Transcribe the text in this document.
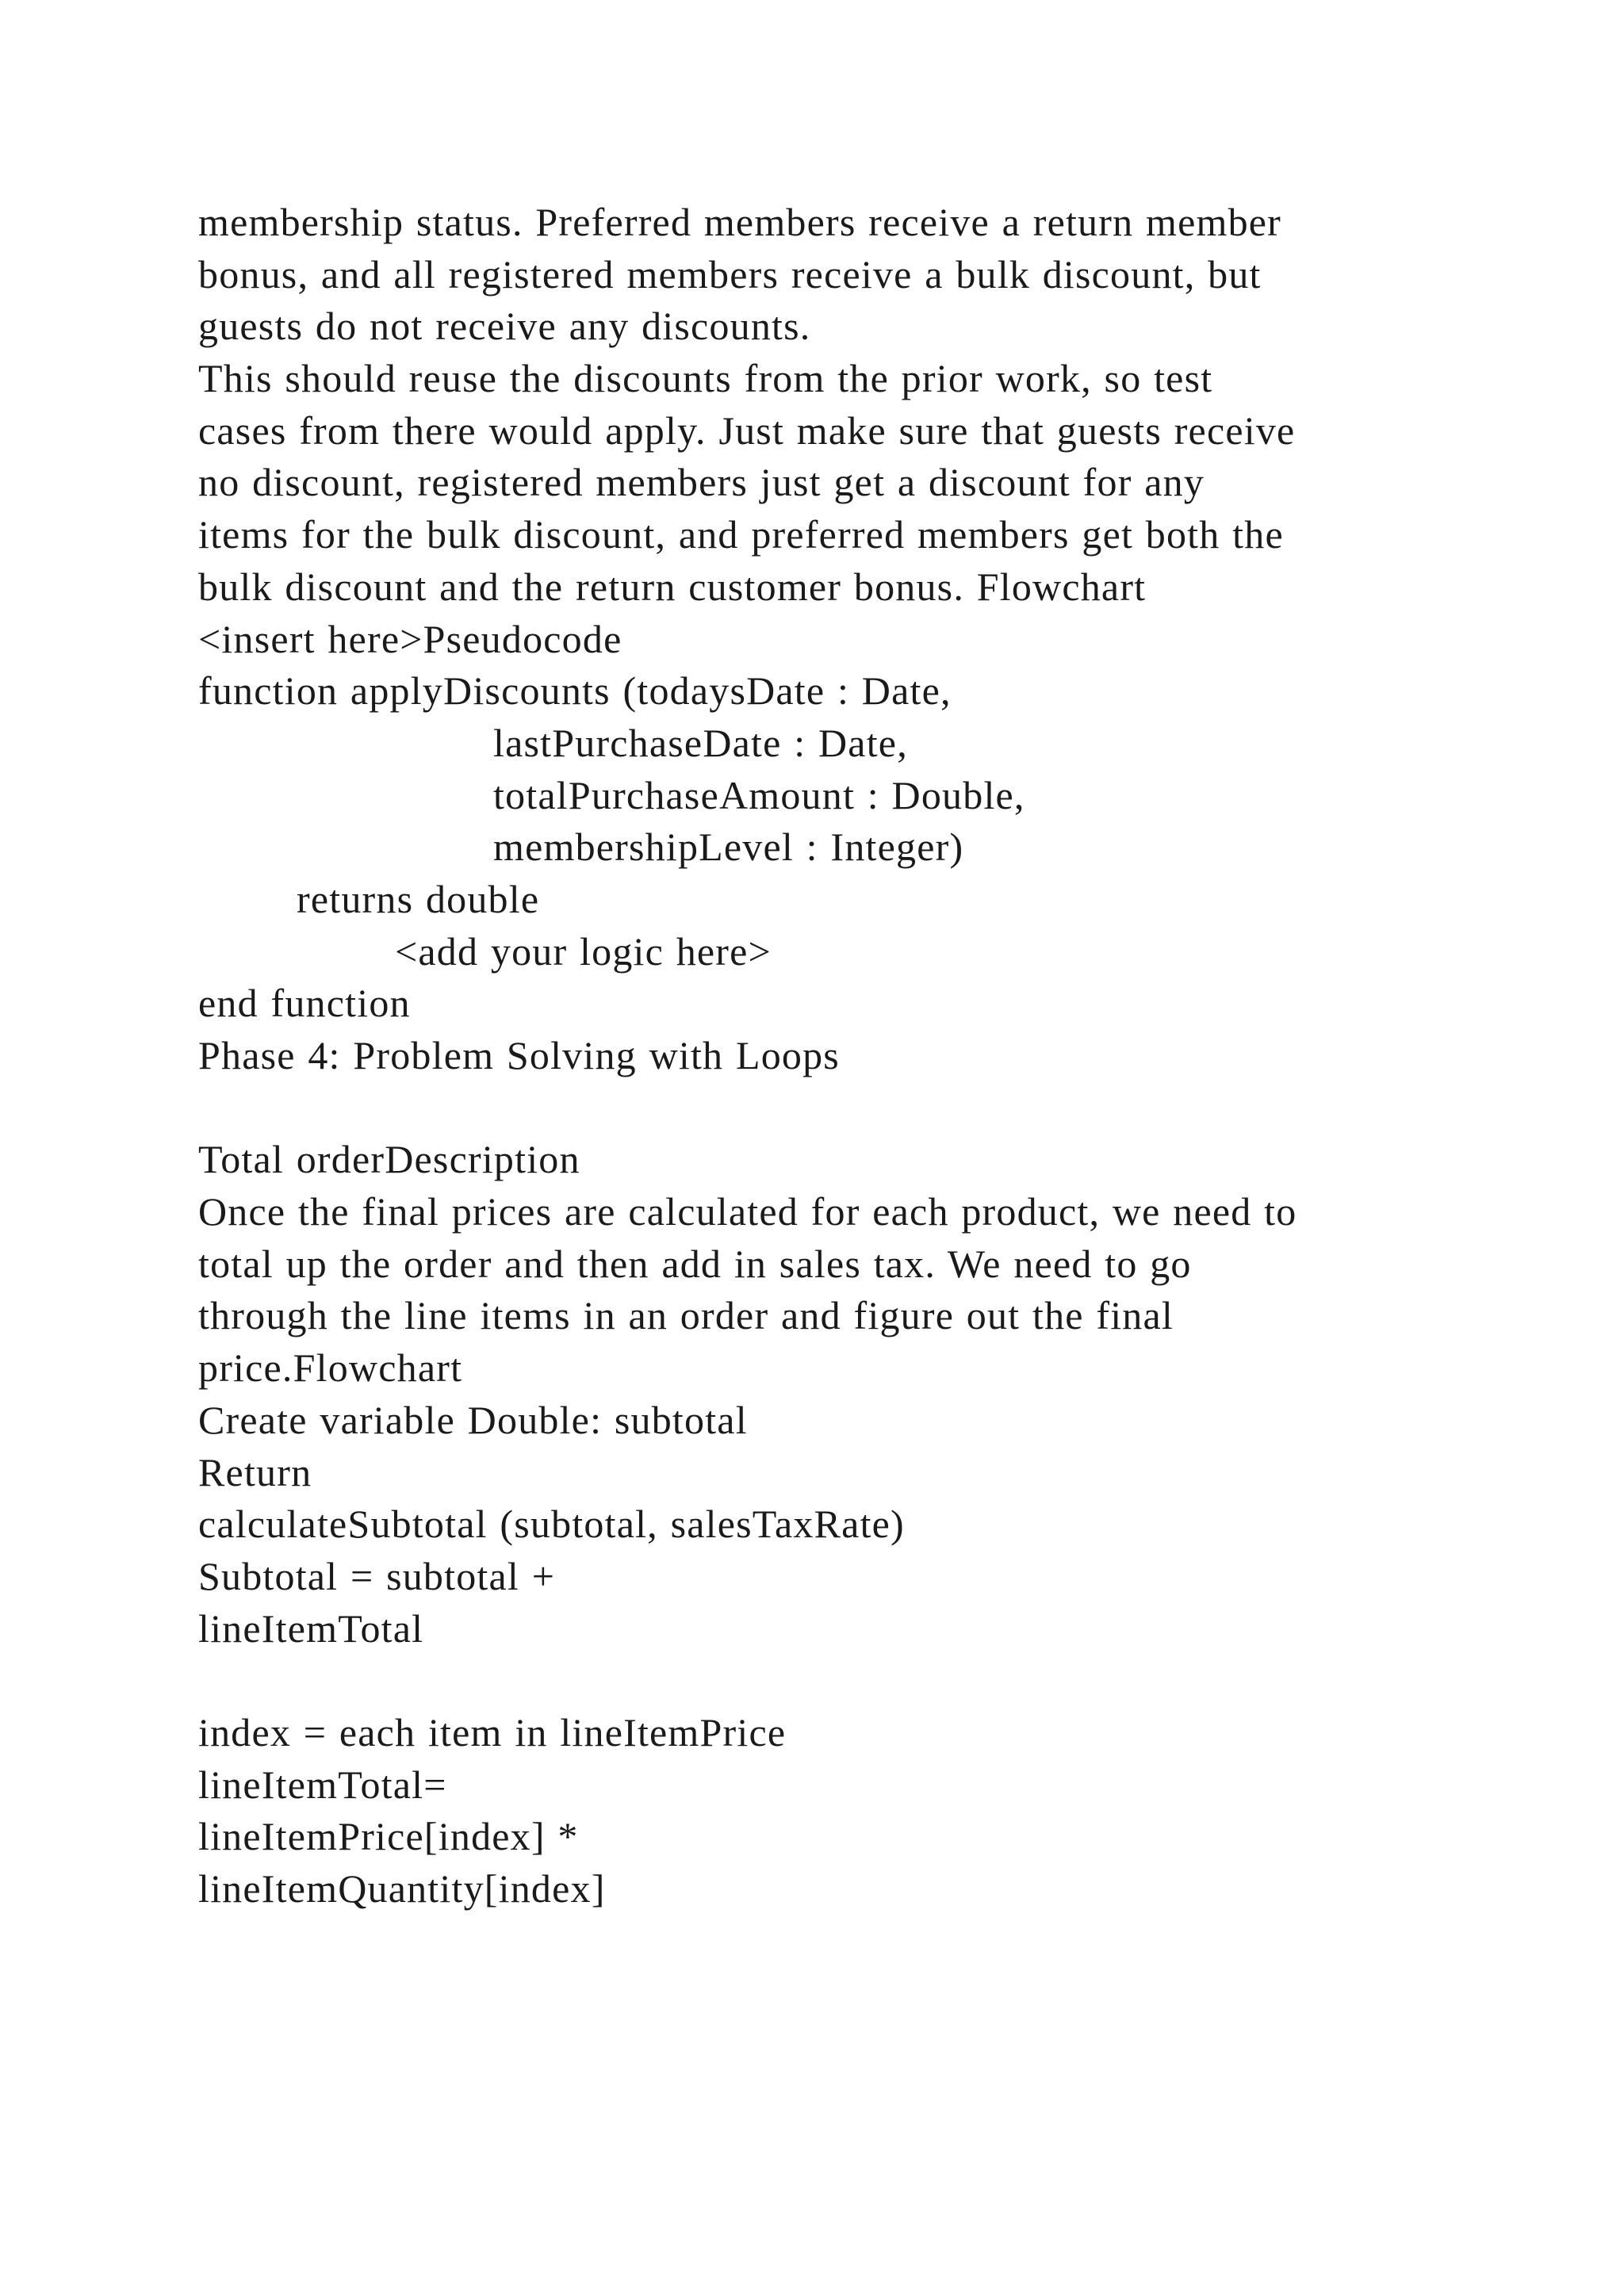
membership status. Preferred members receive a return member
bonus, and all registered members receive a bulk discount, but
guests do not receive any discounts.
This should reuse the discounts from the prior work, so test
cases from there would apply. Just make sure that guests receive
no discount, registered members just get a discount for any
items for the bulk discount, and preferred members get both the
bulk discount and the return customer bonus. Flowchart
<insert here>Pseudocode
function applyDiscounts (todaysDate : Date,
lastPurchaseDate : Date,
totalPurchaseAmount : Double,
membershipLevel : Integer)
returns double
<add your logic here>
end function
Phase 4: Problem Solving with Loops
Total orderDescription
Once the final prices are calculated for each product, we need to
total up the order and then add in sales tax. We need to go
through the line items in an order and figure out the final
price.Flowchart
Create variable Double: subtotal
Return
calculateSubtotal (subtotal, salesTaxRate)
Subtotal = subtotal +
lineItemTotal
index = each item in lineItemPrice
lineItemTotal=
lineItemPrice[index] *
lineItemQuantity[index]
